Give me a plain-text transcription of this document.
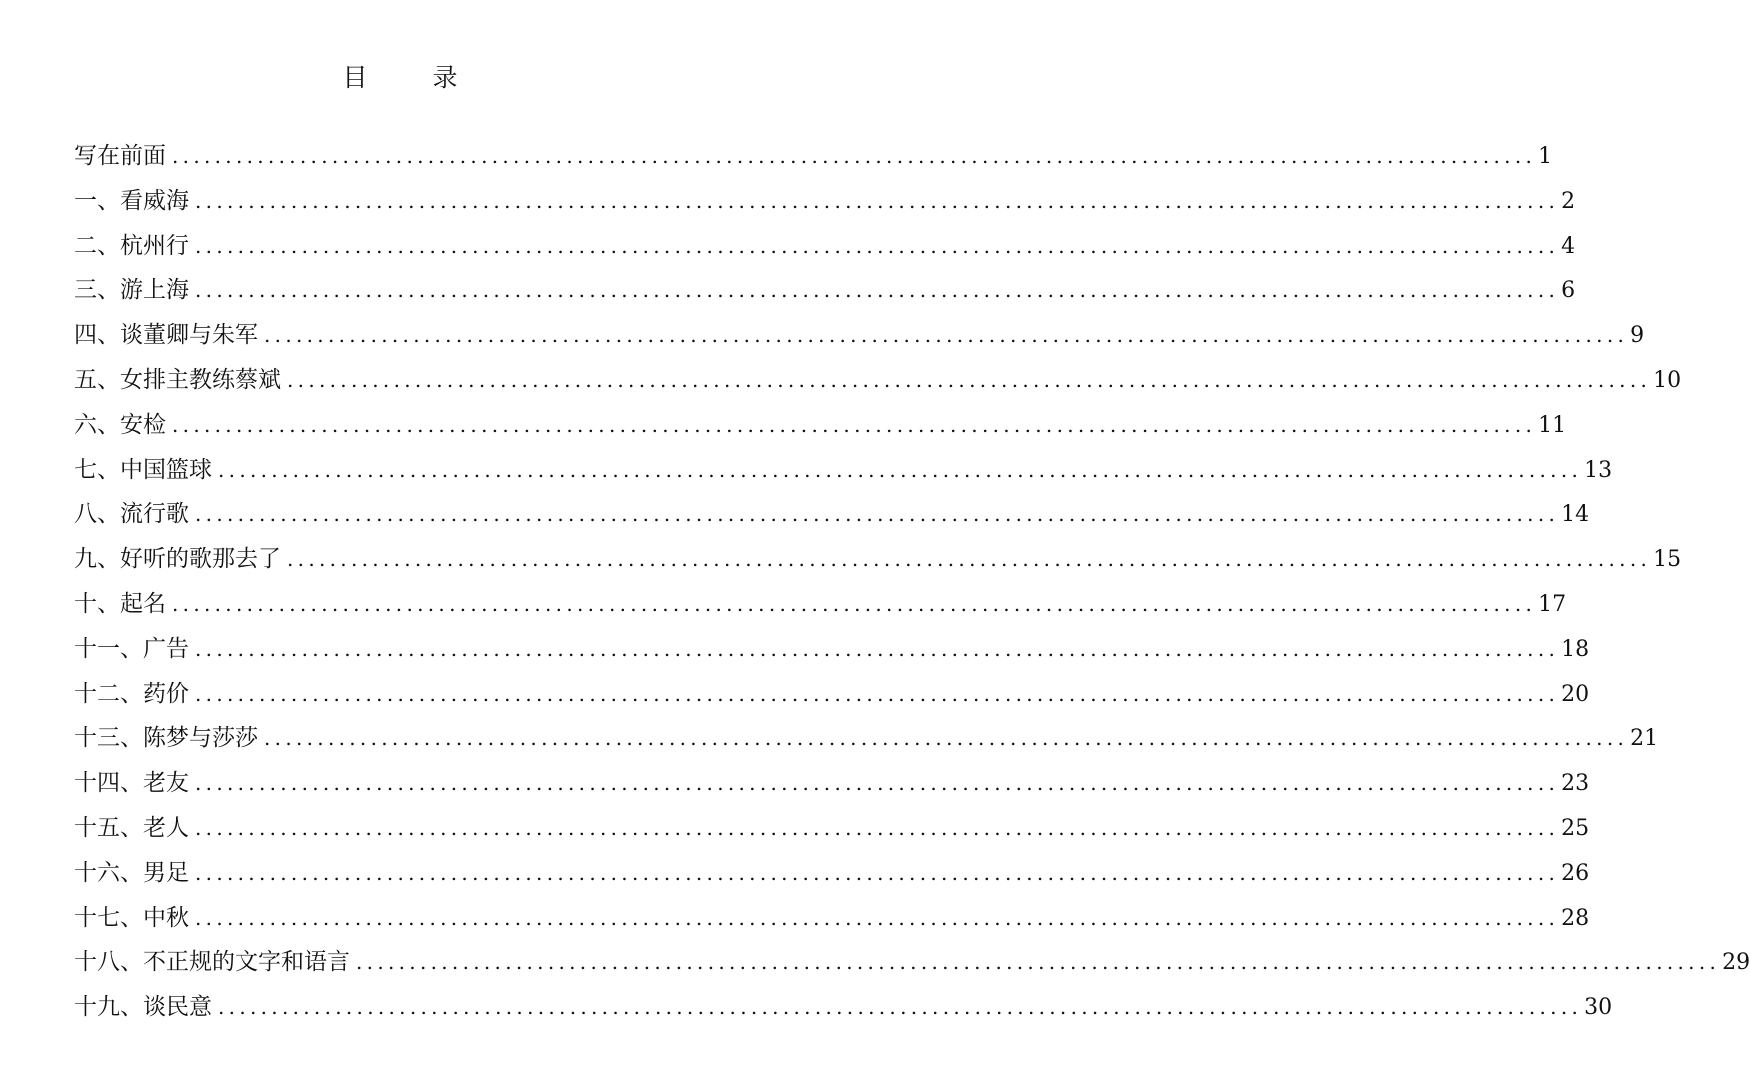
目　录
写在前面 ................................................................................................................................ 1
一、看威海 ................................................................................................................................ 2
二、杭州行 ................................................................................................................................ 4
三、游上海 ................................................................................................................................ 6
四、谈董卿与朱军 ................................................................................................................................ 9
五、女排主教练蔡斌 ................................................................................................................................ 10
六、安检 ................................................................................................................................ 11
七、中国篮球 ................................................................................................................................ 13
八、流行歌 ................................................................................................................................ 14
九、好听的歌那去了 ................................................................................................................................ 15
十、起名 ................................................................................................................................ 17
十一、广告 ................................................................................................................................ 18
十二、药价 ................................................................................................................................ 20
十三、陈梦与莎莎 ................................................................................................................................ 21
十四、老友 ................................................................................................................................ 23
十五、老人 ................................................................................................................................ 25
十六、男足 ................................................................................................................................ 26
十七、中秋 ................................................................................................................................ 28
十八、不正规的文字和语言 ................................................................................................................................ 29
十九、谈民意 ................................................................................................................................ 30
